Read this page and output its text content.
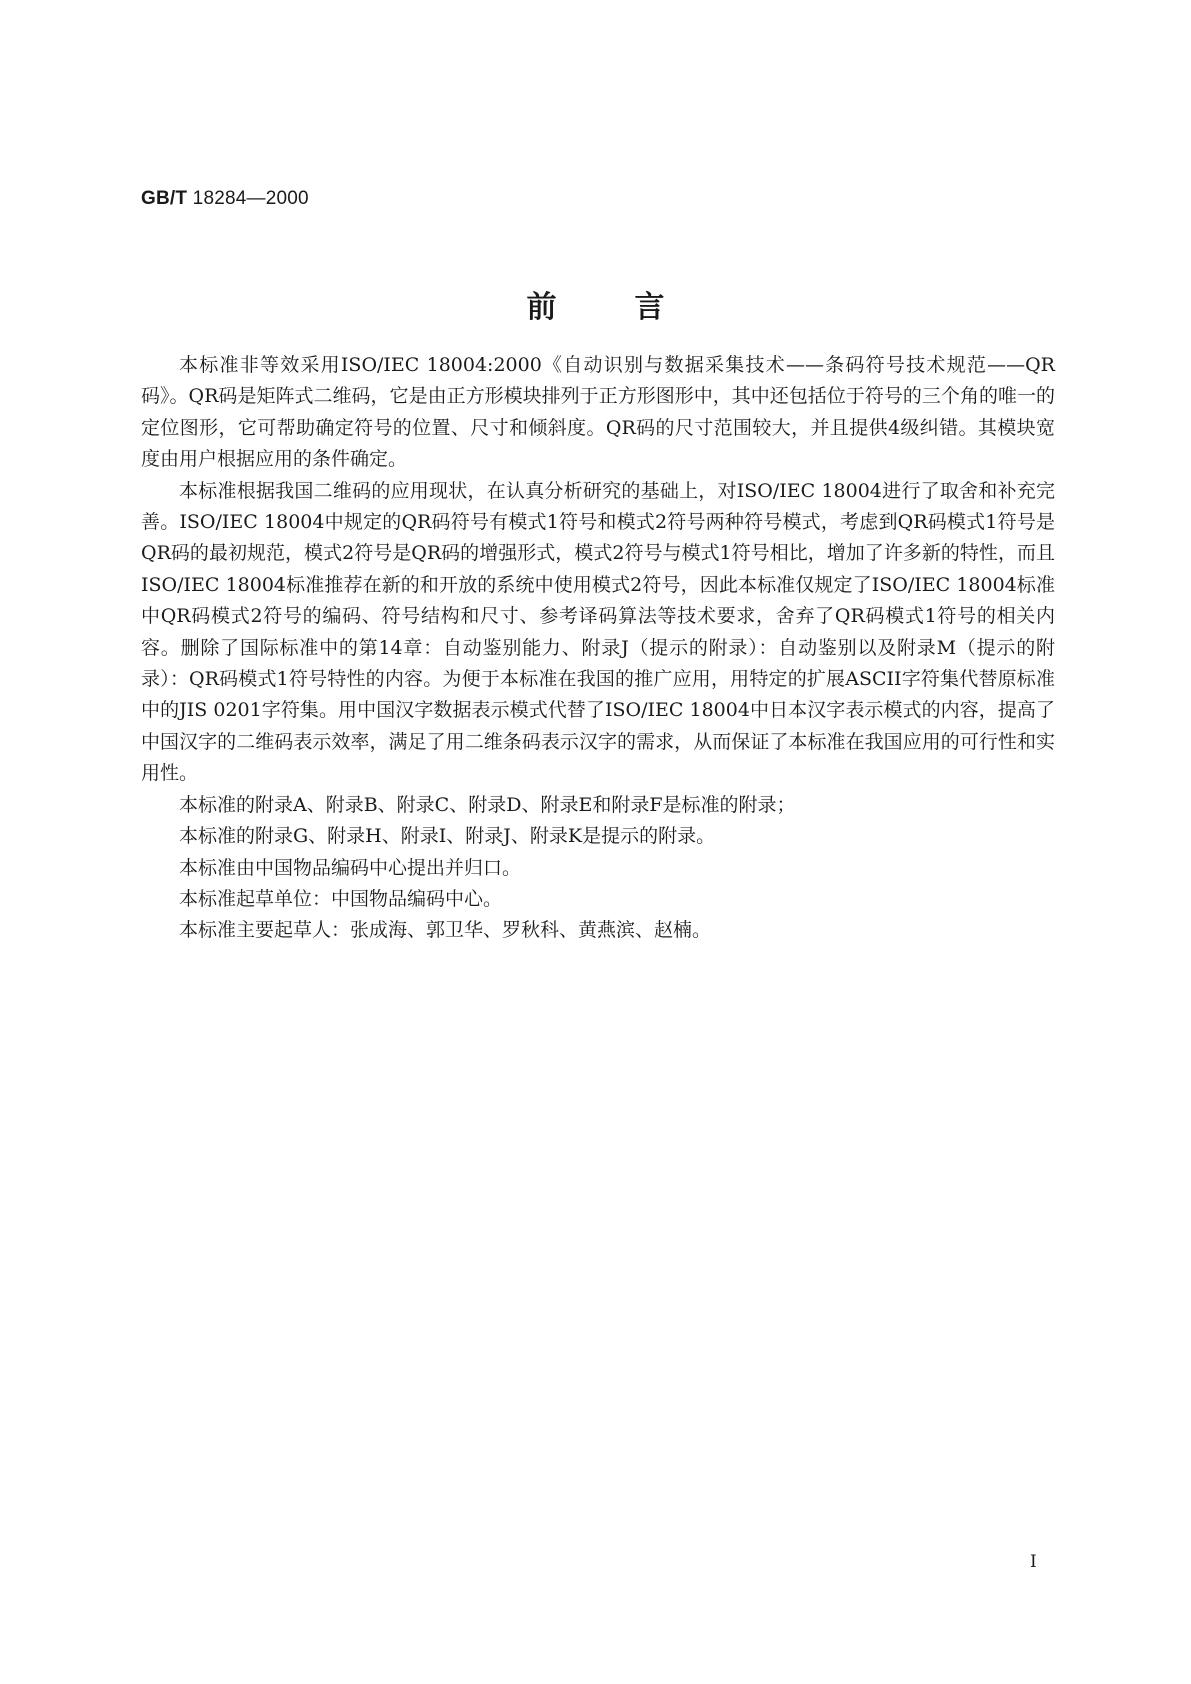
GB/T 18284—2000
前言

本标准非等效采用ISO/IEC 18004:2000《自动识别与数据采集技术——条码符号技术规范——QR码》。QR码是矩阵式二维码，它是由正方形模块排列于正方形图形中，其中还包括位于符号的三个角的唯一的定位图形，它可帮助确定符号的位置、尺寸和倾斜度。QR码的尺寸范围较大，并且提供4级纠错。其模块宽度由用户根据应用的条件确定。

本标准根据我国二维码的应用现状，在认真分析研究的基础上，对ISO/IEC 18004进行了取舍和补充完善。ISO/IEC 18004中规定的QR码符号有模式1符号和模式2符号两种符号模式，考虑到QR码模式1符号是QR码的最初规范，模式2符号是QR码的增强形式，模式2符号与模式1符号相比，增加了许多新的特性，而且ISO/IEC 18004标准推荐在新的和开放的系统中使用模式2符号，因此本标准仅规定了ISO/IEC 18004标准中QR码模式2符号的编码、符号结构和尺寸、参考译码算法等技术要求，舍弃了QR码模式1符号的相关内容。删除了国际标准中的第14章：自动鉴别能力、附录J（提示的附录）：自动鉴别以及附录M（提示的附录）：QR码模式1符号特性的内容。为便于本标准在我国的推广应用，用特定的扩展ASCII字符集代替原标准中的JIS 0201字符集。用中国汉字数据表示模式代替了ISO/IEC 18004中日本汉字表示模式的内容，提高了中国汉字的二维码表示效率，满足了用二维条码表示汉字的需求，从而保证了本标准在我国应用的可行性和实用性。

本标准的附录A、附录B、附录C、附录D、附录E和附录F是标准的附录；

本标准的附录G、附录H、附录I、附录J、附录K是提示的附录。

本标准由中国物品编码中心提出并归口。

本标准起草单位：中国物品编码中心。

本标准主要起草人：张成海、郭卫华、罗秋科、黄燕滨、赵楠。

I
